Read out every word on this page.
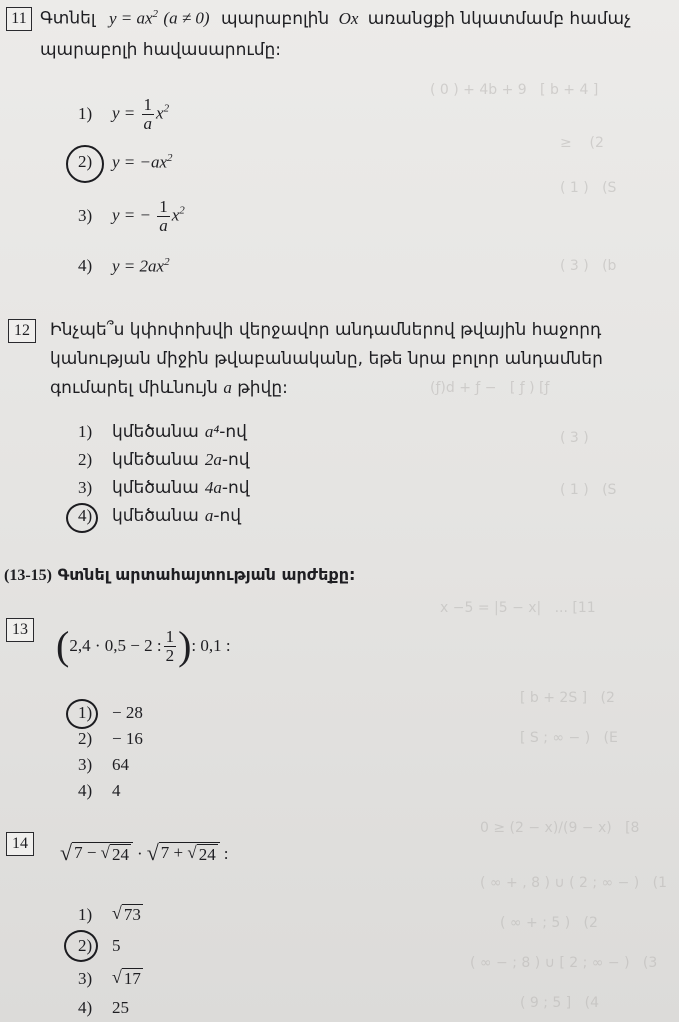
( 0 ) + 4b + 9   [ b + 4 ]
≥    (2
( 1 )   (S
( 3 )   (b
(ƒ)d + ƒ −   [ ƒ ) [ƒ
( 3 )
( 1 )   (S
x −5 = |5 − x|   ... [11
[ b + 2S ]   (2
[ S ; ∞ − )   (E
0 ≥ (2 − x)/(9 − x)   [8
( ∞ + , 8 ) ∪ ( 2 ; ∞ − )   (1
( ∞ + ; 5 )   (2
( ∞ − ; 8 ) ∪ [ 2 ; ∞ − )   (3
( 9 ; 5 ]   (4
11 Գտնել $y = ax^2$ (a ≠ 0) պարաբոլին Ox առանցքի նկատմամբ համաչ
պարաբոլի հավասարումը:
1)	$y = \frac{1}{a} x^2$
2)	$y = -ax^2$
3)	y = − $\frac{1}{a} x^2$
4)	$y = 2ax^2$
12 Ինչպե՞ս կփոփոխվի վերջավոր անդամներով թվային հաջորդ
կանության միջին թվաբանականը, եթե նրա բոլոր անդամներ
գումարել միևնույն a թիվը:
1)	կմեծանա a⁴ -ով
2)	կմեծանա 2a -ով
3)	կմեծանա 4a -ով
4)	կմեծանա a -ով
(13-15) Գտնել արտահայտության արժեքը:
13 ( 2,4 · 0,5 − 2 : $\frac{1}{2}$ ) : 0,1 :
1)	− 28
2)	− 16
3)	64
4)	4
14 √ 7 − √ 24 · √ 7 + √ 24 :
1)	√ 73
2)	5
3)	√ 17
4)	25
